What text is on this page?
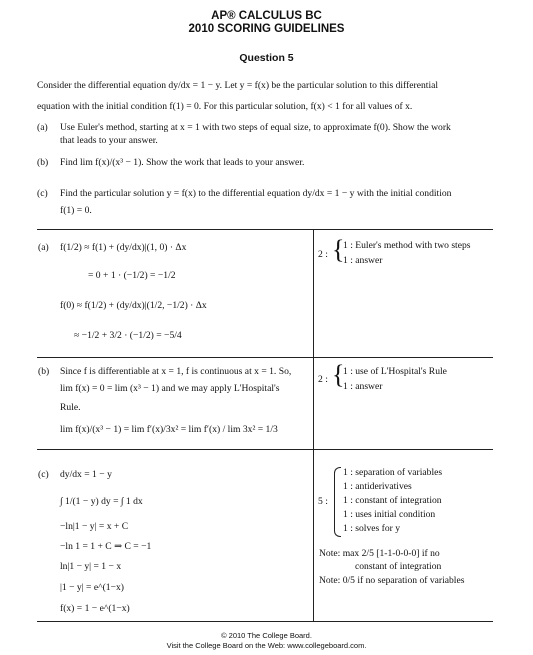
AP® CALCULUS BC
2010 SCORING GUIDELINES
Question 5
Consider the differential equation dy/dx = 1 − y. Let y = f(x) be the particular solution to this differential
equation with the initial condition f(1) = 0. For this particular solution, f(x) < 1 for all values of x.
(a) Use Euler's method, starting at x = 1 with two steps of equal size, to approximate f(0). Show the work
that leads to your answer.
(b) Find lim f(x)/(x³ − 1). Show the work that leads to your answer.
(c) Find the particular solution y = f(x) to the differential equation dy/dx = 1 − y with the initial condition
f(1) = 0.
(a) f(1/2) ≈ f(1) + (dy/dx)|(1, 0) · Δx
= 0 + 1 · (−1/2) = −1/2
f(0) ≈ f(1/2) + (dy/dx)|(1/2, −1/2) · Δx
≈ −1/2 + 3/2 · (−1/2) = −5/4
2 : {
1 : Euler's method with two steps
1 : answer
(b) Since f is differentiable at x = 1, f is continuous at x = 1. So,
lim f(x) = 0 = lim (x³ − 1) and we may apply L'Hospital's
Rule.
lim f(x)/(x³ − 1) = lim f′(x)/3x² = lim f′(x) / lim 3x² = 1/3
2 : {
1 : use of L'Hospital's Rule
1 : answer
(c) dy/dx = 1 − y
∫ 1/(1 − y) dy = ∫ 1 dx
−ln|1 − y| = x + C
−ln 1 = 1 + C ⇒ C = −1
ln|1 − y| = 1 − x
|1 − y| = e^(1−x)
f(x) = 1 − e^(1−x)
5 :
1 : separation of variables
1 : antiderivatives
1 : constant of integration
1 : uses initial condition
1 : solves for y
Note: max 2/5 [1-1-0-0-0] if no
constant of integration
Note: 0/5 if no separation of variables
© 2010 The College Board.
Visit the College Board on the Web: www.collegeboard.com.
